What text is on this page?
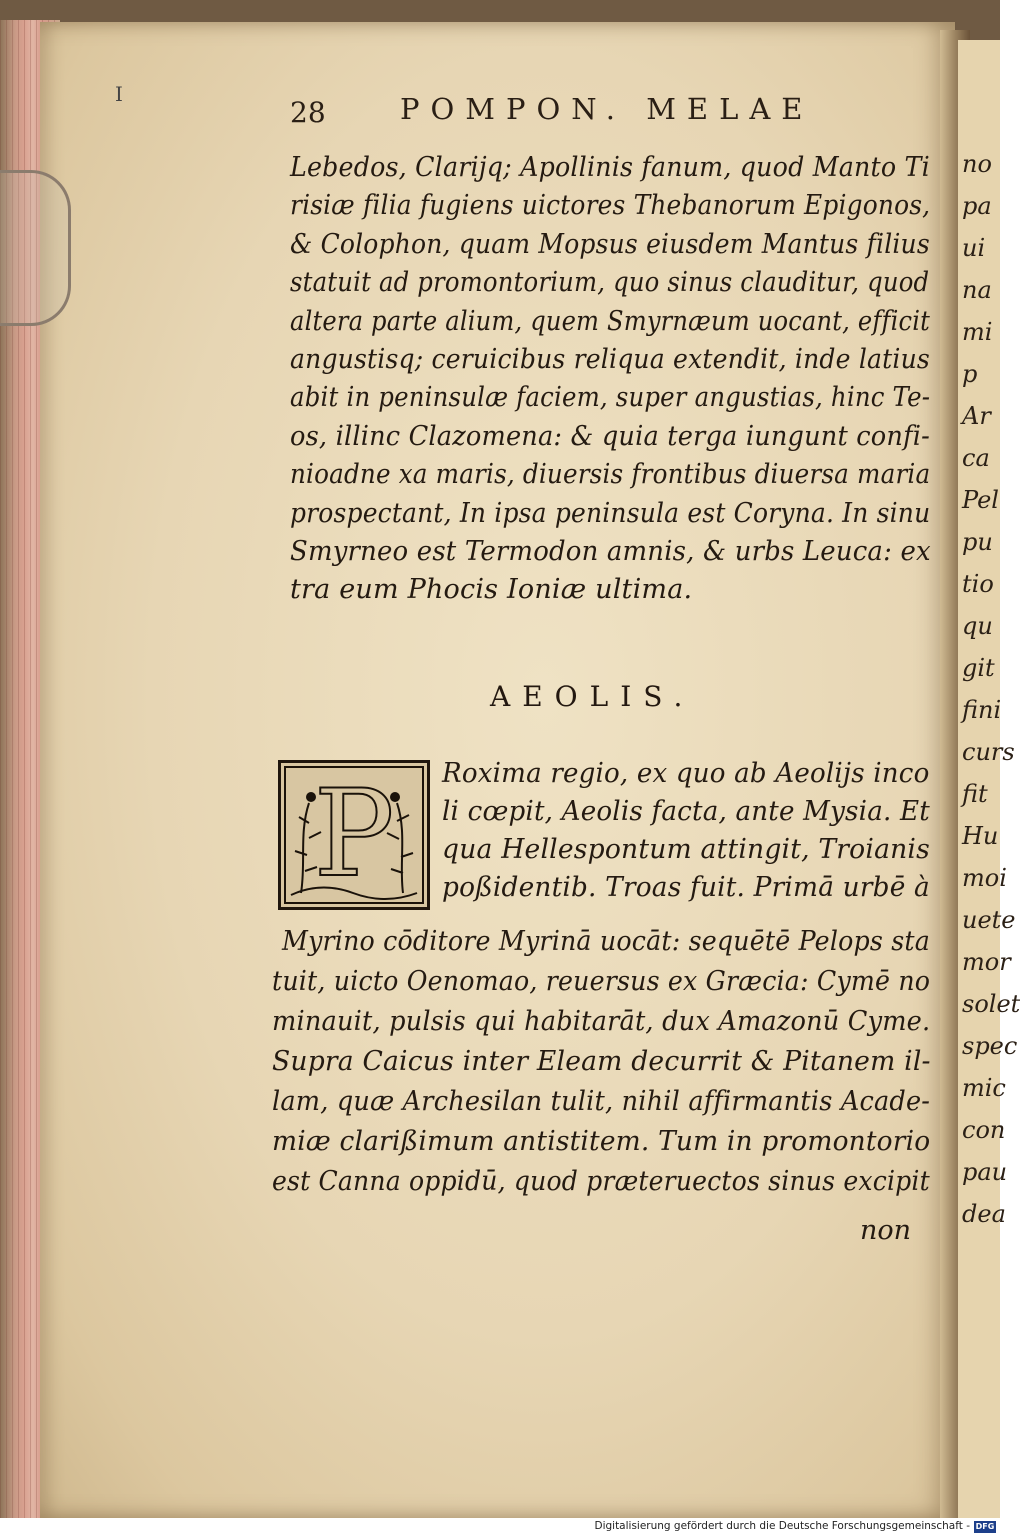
no
pa
ui
na
mi
p
Ar
ca
Pel
pu
tio
qu
git
fini
curs
fit
Hu
moi
uete
mor
solet
spec
mic
con
pau
dea
I
28	POMPON. MELAE
Lebedos, Clarijq; Apollinis fanum, quod Manto Ti
risiæ filia fugiens uictores Thebanorum Epigonos,
& Colophon, quam Mopsus eiusdem Mantus filius
statuit ad promontorium, quo sinus clauditur, quod
altera parte alium, quem Smyrnæum uocant, efficit
angustisq; ceruicibus reliqua extendit, inde latius
abit in peninsulæ faciem, super angustias, hinc Te-
os, illinc Clazomena: & quia terga iungunt confi-
nioadne xa maris, diuersis frontibus diuersa maria
prospectant, In ipsa peninsula est Coryna. In sinu
Smyrneo est Termodon amnis, & urbs Leuca: ex
tra eum Phocis Ioniæ ultima.
Roxima regio, ex quo ab Aeolijs inco
li cœpit, Aeolis facta, ante Mysia. Et
qua Hellespontum attingit, Troianis
poßidentib. Troas fuit. Primā urbē à
Myrino cōditore Myrinā uocāt: sequētē Pelops sta
tuit, uicto Oenomao, reuersus ex Græcia: Cymē no
minauit, pulsis qui habitarāt, dux Amazonū Cyme.
Supra Caicus inter Eleam decurrit & Pitanem il-
lam, quæ Archesilan tulit, nihil affirmantis Acade-
miæ clarißimum antistitem. Tum in promontorio
est Canna oppidū, quod præteruectos sinus excipit
AEOLIS.
P
non
Digitalisierung gefördert durch die Deutsche Forschungsgemeinschaft - DFG
